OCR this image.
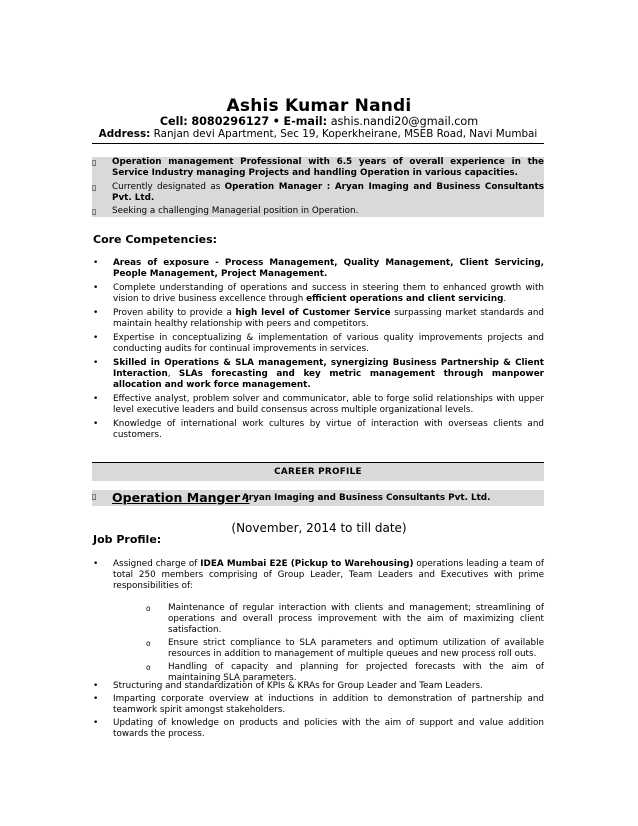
Ashis Kumar Nandi
Cell: 8080296127 • E-mail: ashis.nandi20@gmail.com
Address: Ranjan devi Apartment, Sec 19, Koperkheirane, MSEB Road, Navi Mumbai
▯	Operation management Professional with 6.5 years of overall experience in the Service Industry managing Projects and handling Operation in various capacities.
▯	Currently designated as Operation Manager : Aryan Imaging and Business Consultants Pvt. Ltd.
▯	Seeking a challenging Managerial position in Operation.
Core Competencies:
• Areas of exposure - Process Management, Quality Management, Client Servicing, People Management, Project Management.
• Complete understanding of operations and success in steering them to enhanced growth with vision to drive business excellence through efficient operations and client servicing.
• Proven ability to provide a high level of Customer Service surpassing market standards and maintain healthy relationship with peers and competitors.
• Expertise in conceptualizing & implementation of various quality improvements projects and conducting audits for continual improvements in services.
• Skilled in Operations & SLA management, synergizing Business Partnership & Client Interaction, SLAs forecasting and key metric management through manpower allocation and work force management.
• Effective analyst, problem solver and communicator, able to forge solid relationships with upper level executive leaders and build consensus across multiple organizational levels.
• Knowledge of international work cultures by virtue of interaction with overseas clients and customers.
CAREER PROFILE
▯ Operation Manger :
Aryan Imaging and Business Consultants Pvt. Ltd.
(November, 2014 to till date)
Job Profile:
• Assigned charge of IDEA Mumbai E2E (Pickup to Warehousing) operations leading a team of total 250 members comprising of Group Leader, Team Leaders and Executives with prime responsibilities of:
o Maintenance of regular interaction with clients and management; streamlining of operations and overall process improvement with the aim of maximizing client satisfaction.
o Ensure strict compliance to SLA parameters and optimum utilization of available resources in addition to management of multiple queues and new process roll outs.
o Handling of capacity and planning for projected forecasts with the aim of maintaining SLA parameters.
• Structuring and standardization of KPIs & KRAs for Group Leader and Team Leaders.
• Imparting corporate overview at inductions in addition to demonstration of partnership and teamwork spirit amongst stakeholders.
• Updating of knowledge on products and policies with the aim of support and value addition towards the process.
